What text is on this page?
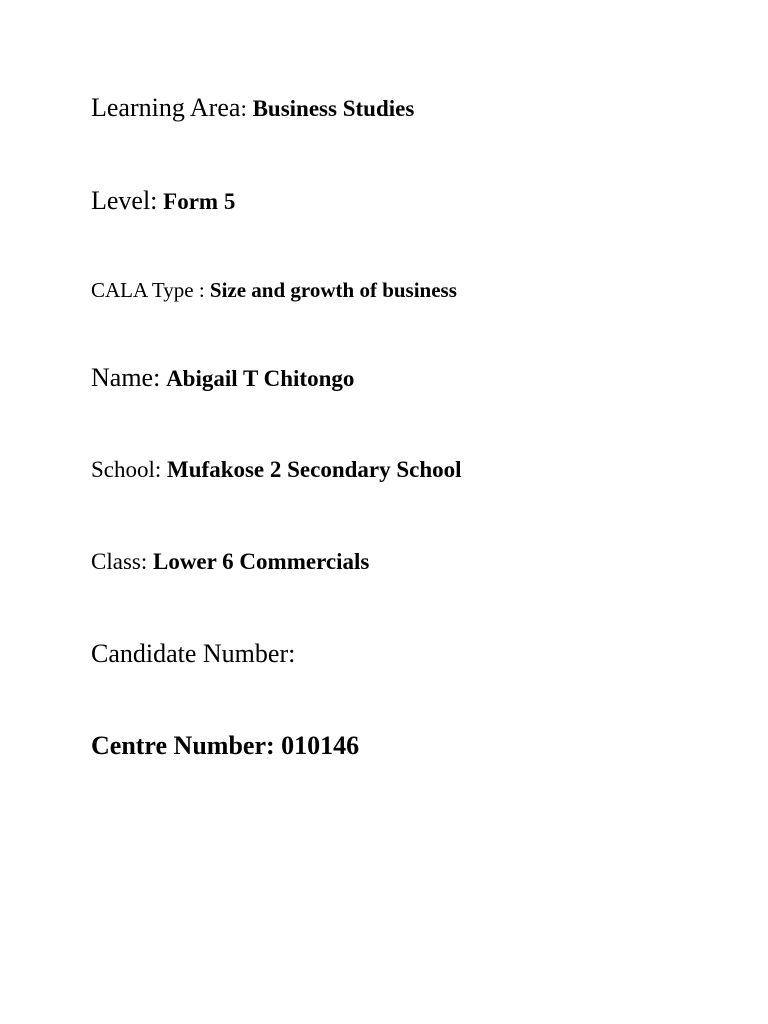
Learning Area: Business Studies
Level: Form 5
CALA Type : Size and growth of business
Name: Abigail T Chitongo
School: Mufakose 2 Secondary School
Class: Lower 6 Commercials
Candidate Number:
Centre Number: 010146
